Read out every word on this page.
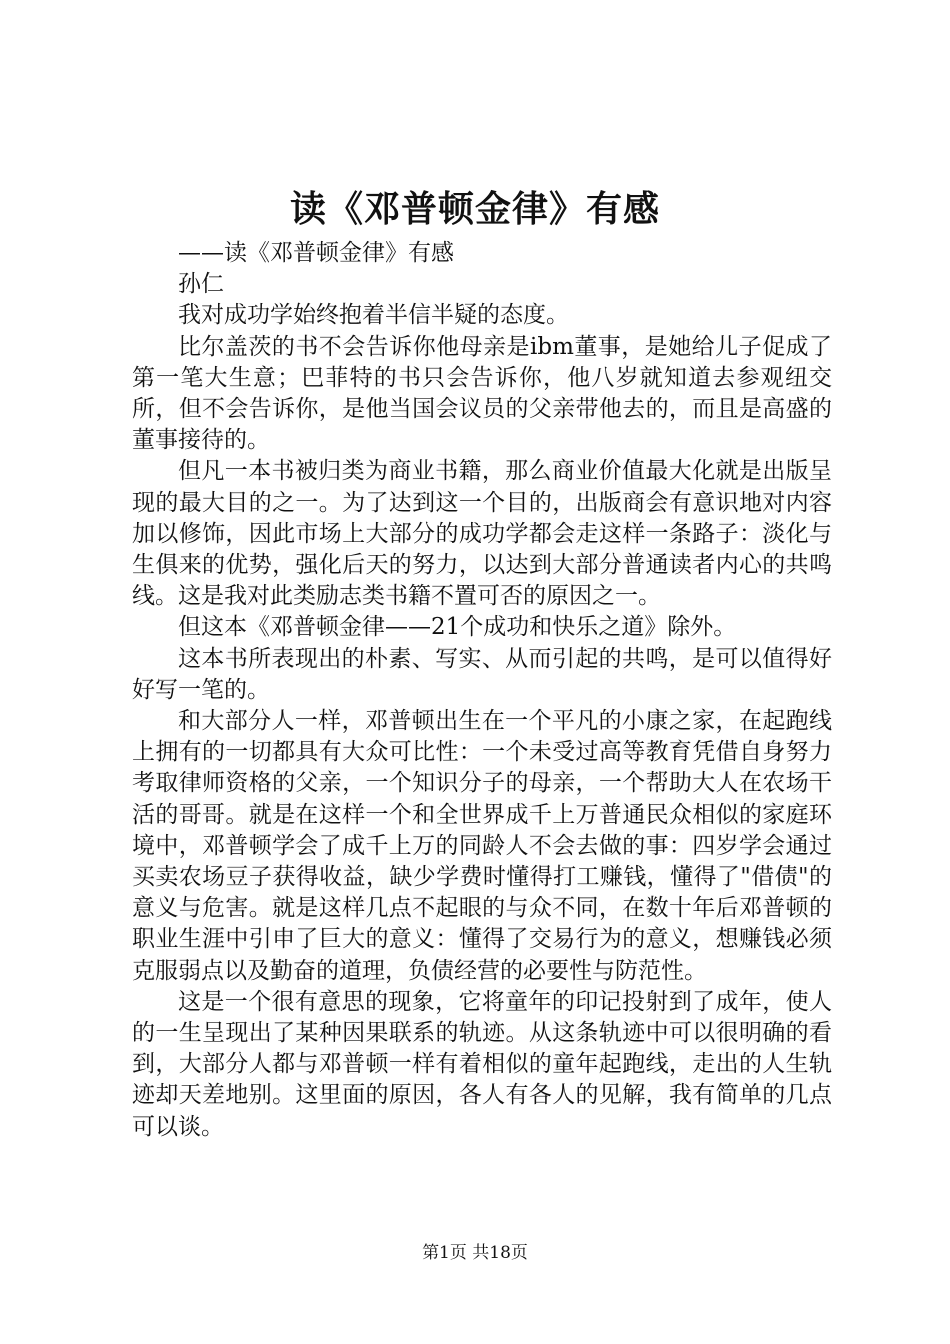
读《邓普顿金律》有感

——读《邓普顿金律》有感

孙仁

我对成功学始终抱着半信半疑的态度。

比尔盖茨的书不会告诉你他母亲是ibm董事，是她给儿子促成了第一笔大生意；巴菲特的书只会告诉你，他八岁就知道去参观纽交所，但不会告诉你，是他当国会议员的父亲带他去的，而且是高盛的董事接待的。

但凡一本书被归类为商业书籍，那么商业价值最大化就是出版呈现的最大目的之一。为了达到这一个目的，出版商会有意识地对内容加以修饰，因此市场上大部分的成功学都会走这样一条路子：淡化与生俱来的优势，强化后天的努力，以达到大部分普通读者内心的共鸣线。这是我对此类励志类书籍不置可否的原因之一。

但这本《邓普顿金律——21个成功和快乐之道》除外。

这本书所表现出的朴素、写实、从而引起的共鸣，是可以值得好好写一笔的。

和大部分人一样，邓普顿出生在一个平凡的小康之家，在起跑线上拥有的一切都具有大众可比性：一个未受过高等教育凭借自身努力考取律师资格的父亲，一个知识分子的母亲，一个帮助大人在农场干活的哥哥。就是在这样一个和全世界成千上万普通民众相似的家庭环境中，邓普顿学会了成千上万的同龄人不会去做的事：四岁学会通过买卖农场豆子获得收益，缺少学费时懂得打工赚钱，懂得了"借债"的意义与危害。就是这样几点不起眼的与众不同，在数十年后邓普顿的职业生涯中引申了巨大的意义：懂得了交易行为的意义，想赚钱必须克服弱点以及勤奋的道理，负债经营的必要性与防范性。

这是一个很有意思的现象，它将童年的印记投射到了成年，使人的一生呈现出了某种因果联系的轨迹。从这条轨迹中可以很明确的看到，大部分人都与邓普顿一样有着相似的童年起跑线，走出的人生轨迹却天差地别。这里面的原因，各人有各人的见解，我有简单的几点可以谈。

第1页 共18页
